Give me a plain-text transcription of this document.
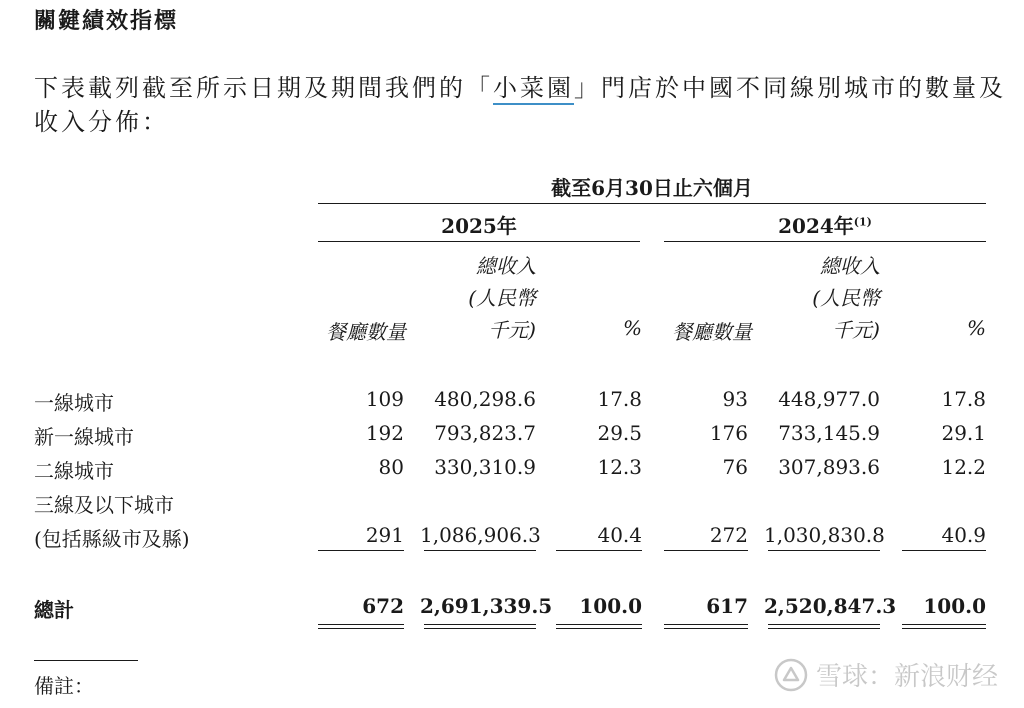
關鍵績效指標
下表載列截至所示日期及期間我們的「小菜園」門店於中國不同線別城市的數量及
收入分佈：
截至6月30日止六個月
2025年	2024年$^{(1)}$
餐廳數量
總收入
(人民幣
千元)	%	餐廳數量
總收入
(人民幣
千元)	%
一線城市	109	480,298.6	17.8	93	448,977.0	17.8
新一線城市	192	793,823.7	29.5	176	733,145.9	29.1
二線城市	80	330,310.9	12.3	76	307,893.6	12.2
三線及以下城市
(包括縣級市及縣)	291 1,086,906.3	40.4	272 1,030,830.8	40.9
總計	672 2,691,339.5	100.0	617 2,520,847.3	100.0
備註：	雪球：新浪财经
